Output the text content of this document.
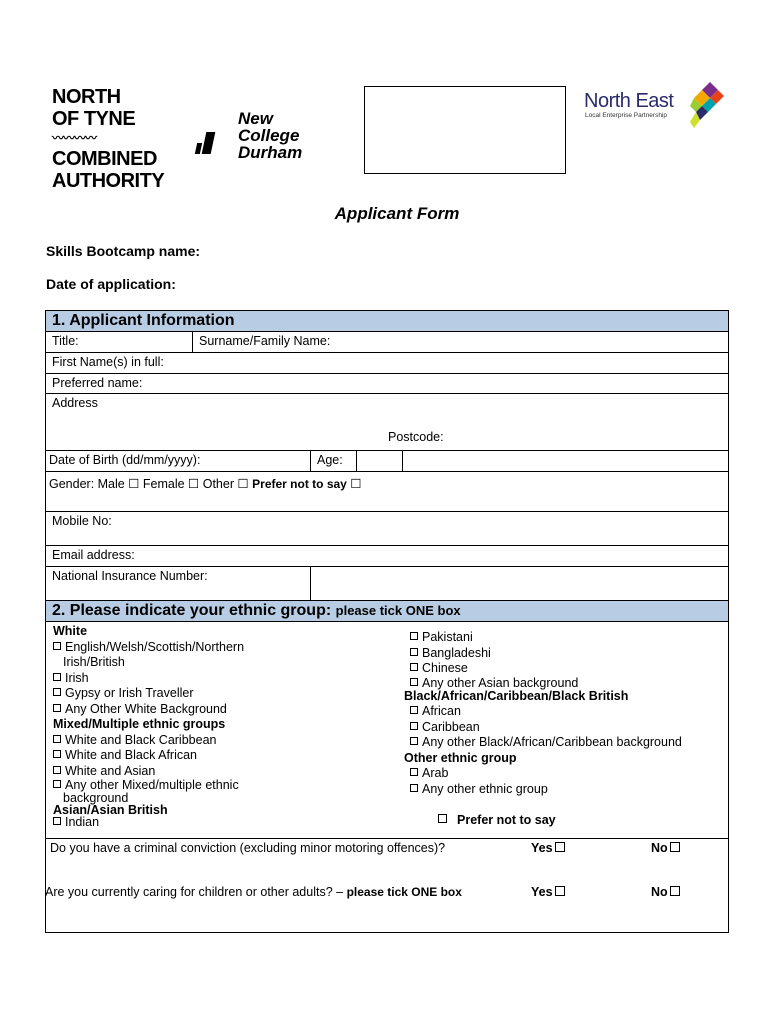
NORTH
OF TYNE
〰〰〰〰
COMBINED
AUTHORITY
New
College
Durham
North East
Local Enterprise Partnership
Applicant Form
Skills Bootcamp name:
Date of application:
1. Applicant Information
Title:	Surname/Family Name:
First Name(s) in full:
Preferred name:
Address
Postcode:
Date of Birth (dd/mm/yyyy):	Age:
Gender: Male ☐ Female ☐ Other ☐ Prefer not to say ☐
Mobile No:
Email address:
National Insurance Number:
2. Please indicate your ethnic group: please tick ONE box
White
English/Welsh/Scottish/Northern
Irish/British
Irish
Gypsy or Irish Traveller
Any Other White Background
Mixed/Multiple ethnic groups
White and Black Caribbean
White and Black African
White and Asian
Any other Mixed/multiple ethnic
background
Asian/Asian British
Indian
Pakistani
Bangladeshi
Chinese
Any other Asian background
Black/African/Caribbean/Black British
African
Caribbean
Any other Black/African/Caribbean background
Other ethnic group
Arab
Any other ethnic group
Prefer not to say
Do you have a criminal conviction (excluding minor motoring offences)?	Yes	No
Are you currently caring for children or other adults? – please tick ONE box	Yes	No
